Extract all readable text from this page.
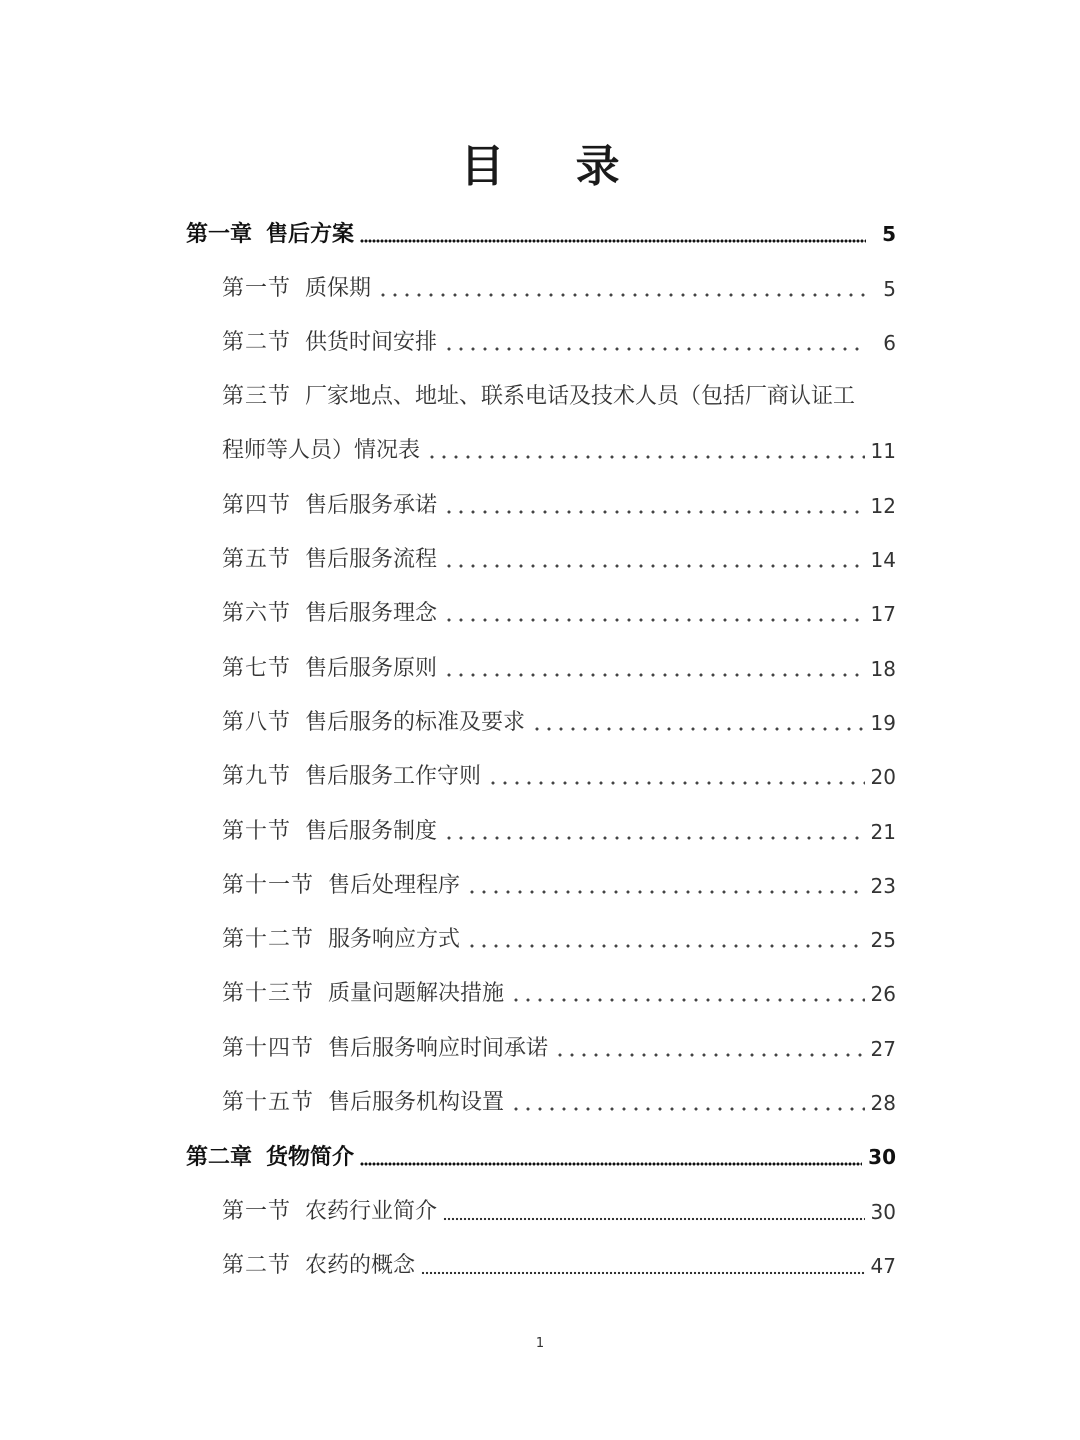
目 录
第一章 售后方案	5
第一节 质保期	5
第二节 供货时间安排	6
第三节 厂家地点、地址、联系电话及技术人员（包括厂商认证工
程师等人员）情况表	11
第四节 售后服务承诺	12
第五节 售后服务流程	14
第六节 售后服务理念	17
第七节 售后服务原则	18
第八节 售后服务的标准及要求	19
第九节 售后服务工作守则	20
第十节 售后服务制度	21
第十一节 售后处理程序	23
第十二节 服务响应方式	25
第十三节 质量问题解决措施	26
第十四节 售后服务响应时间承诺	27
第十五节 售后服务机构设置	28
第二章 货物简介	30
第一节 农药行业简介	30
第二节 农药的概念	47
1
